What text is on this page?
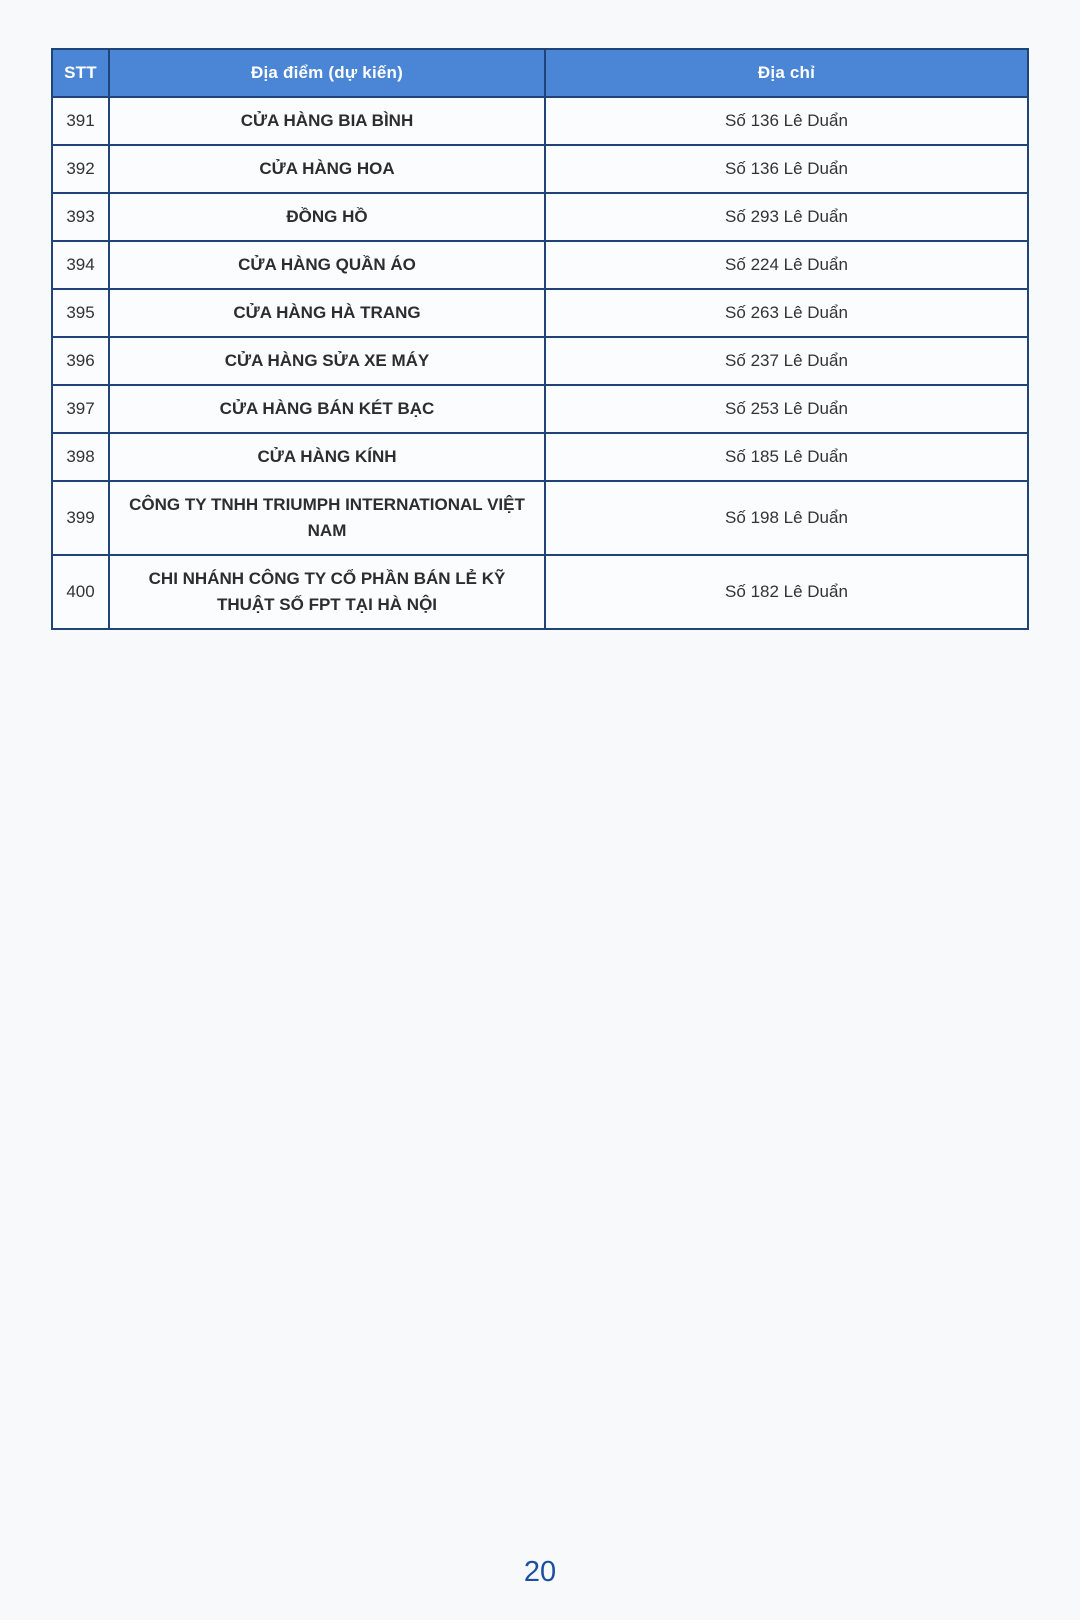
STT	Địa điểm (dự kiến)	Địa chỉ
391	CỬA HÀNG BIA BÌNH	Số 136 Lê Duẩn
392	CỬA HÀNG HOA	Số 136 Lê Duẩn
393	ĐỒNG HỒ	Số 293 Lê Duẩn
394	CỬA HÀNG QUẦN ÁO	Số 224 Lê Duẩn
395	CỬA HÀNG HÀ TRANG	Số 263 Lê Duẩn
396	CỬA HÀNG SỬA XE MÁY	Số 237 Lê Duẩn
397	CỬA HÀNG BÁN KÉT BẠC	Số 253 Lê Duẩn
398	CỬA HÀNG KÍNH	Số 185 Lê Duẩn
399	CÔNG TY TNHH TRIUMPH INTERNATIONAL VIỆT NAM	Số 198 Lê Duẩn
400	CHI NHÁNH CÔNG TY CỔ PHẦN BÁN LẺ KỸ THUẬT SỐ FPT TẠI HÀ NỘI	Số 182 Lê Duẩn
20
